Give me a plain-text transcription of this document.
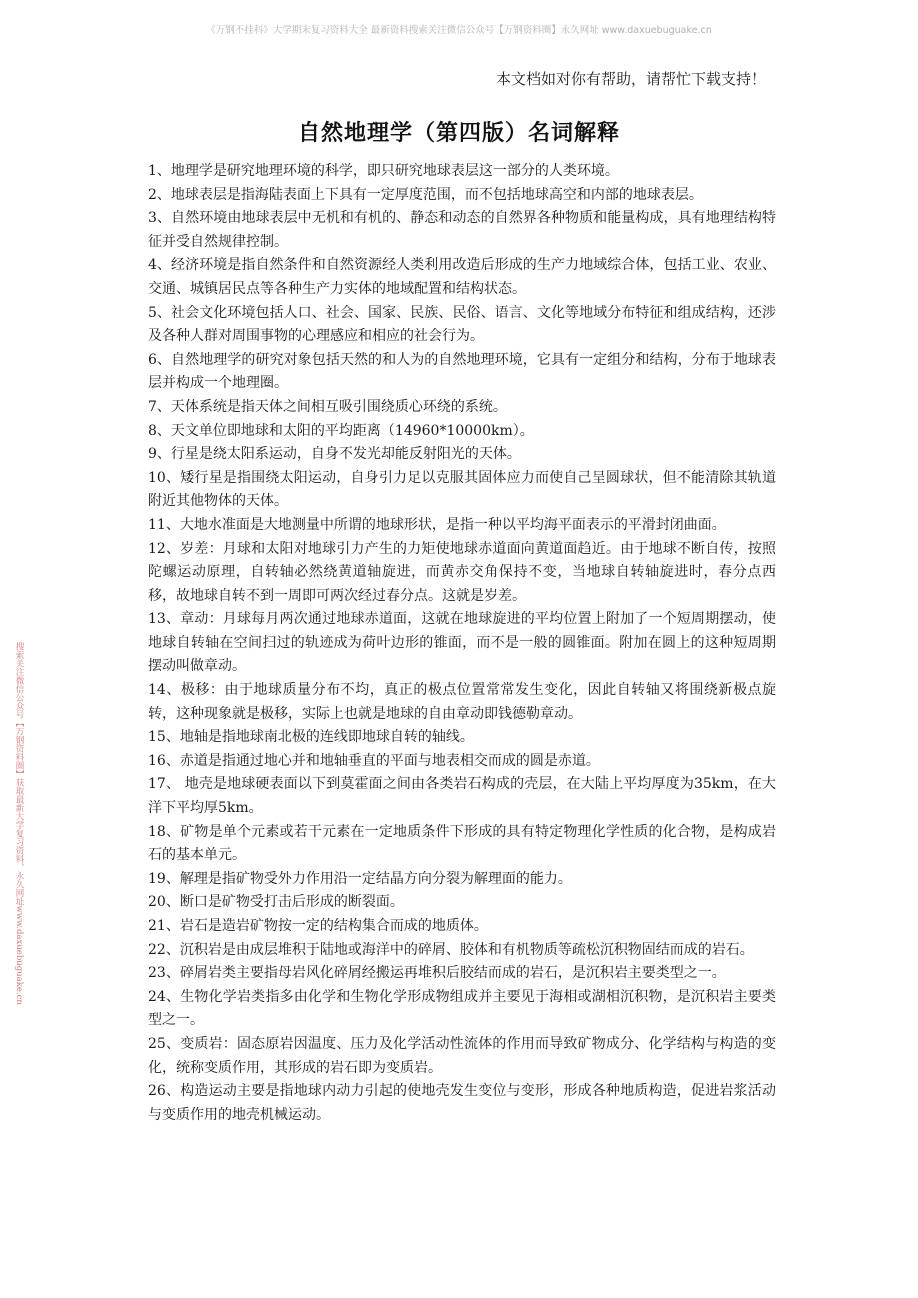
《万钢不挂科》大学期末复习资料大全 最新资料搜索关注微信公众号【万钢资料圈】永久网址 www.daxuebuguake.cn
本文档如对你有帮助，请帮忙下载支持！
搜索关注微信公众号【万钢资料圈】获取最新大学复习资料，永久网址www.daxuebuguake.cn
自然地理学（第四版）名词解释

1、地理学是研究地理环境的科学，即只研究地球表层这一部分的人类环境。

2、地球表层是指海陆表面上下具有一定厚度范围，而不包括地球高空和内部的地球表层。

3、自然环境由地球表层中无机和有机的、静态和动态的自然界各种物质和能量构成，具有地理结构特征并受自然规律控制。

4、经济环境是指自然条件和自然资源经人类利用改造后形成的生产力地域综合体，包括工业、农业、交通、城镇居民点等各种生产力实体的地域配置和结构状态。

5、社会文化环境包括人口、社会、国家、民族、民俗、语言、文化等地域分布特征和组成结构，还涉及各种人群对周围事物的心理感应和相应的社会行为。

6、自然地理学的研究对象包括天然的和人为的自然地理环境，它具有一定组分和结构，分布于地球表层并构成一个地理圈。

7、天体系统是指天体之间相互吸引围绕质心环绕的系统。

8、天文单位即地球和太阳的平均距离（14960*10000km）。

9、行星是绕太阳系运动，自身不发光却能反射阳光的天体。

10、矮行星是指围绕太阳运动，自身引力足以克服其固体应力而使自己呈圆球状，但不能清除其轨道附近其他物体的天体。

11、大地水准面是大地测量中所谓的地球形状，是指一种以平均海平面表示的平滑封闭曲面。

12、岁差：月球和太阳对地球引力产生的力矩使地球赤道面向黄道面趋近。由于地球不断自传，按照陀螺运动原理，自转轴必然绕黄道轴旋进，而黄赤交角保持不变，当地球自转轴旋进时，春分点西移，故地球自转不到一周即可两次经过春分点。这就是岁差。

13、章动：月球每月两次通过地球赤道面，这就在地球旋进的平均位置上附加了一个短周期摆动，使地球自转轴在空间扫过的轨迹成为荷叶边形的锥面，而不是一般的圆锥面。附加在圆上的这种短周期摆动叫做章动。

14、极移：由于地球质量分布不均，真正的极点位置常常发生变化，因此自转轴又将围绕新极点旋转，这种现象就是极移，实际上也就是地球的自由章动即钱德勒章动。

15、地轴是指地球南北极的连线即地球自转的轴线。

16、赤道是指通过地心并和地轴垂直的平面与地表相交而成的圆是赤道。

17、 地壳是地球硬表面以下到莫霍面之间由各类岩石构成的壳层，在大陆上平均厚度为35km，在大洋下平均厚5km。

18、矿物是单个元素或若干元素在一定地质条件下形成的具有特定物理化学性质的化合物，是构成岩石的基本单元。

19、解理是指矿物受外力作用沿一定结晶方向分裂为解理面的能力。

20、断口是矿物受打击后形成的断裂面。

21、岩石是造岩矿物按一定的结构集合而成的地质体。

22、沉积岩是由成层堆积于陆地或海洋中的碎屑、胶体和有机物质等疏松沉积物固结而成的岩石。

23、碎屑岩类主要指母岩风化碎屑经搬运再堆积后胶结而成的岩石，是沉积岩主要类型之一。

24、生物化学岩类指多由化学和生物化学形成物组成并主要见于海相或湖相沉积物，是沉积岩主要类型之一。

25、变质岩：固态原岩因温度、压力及化学活动性流体的作用而导致矿物成分、化学结构与构造的变化，统称变质作用，其形成的岩石即为变质岩。

26、构造运动主要是指地球内动力引起的使地壳发生变位与变形，形成各种地质构造，促进岩浆活动与变质作用的地壳机械运动。
